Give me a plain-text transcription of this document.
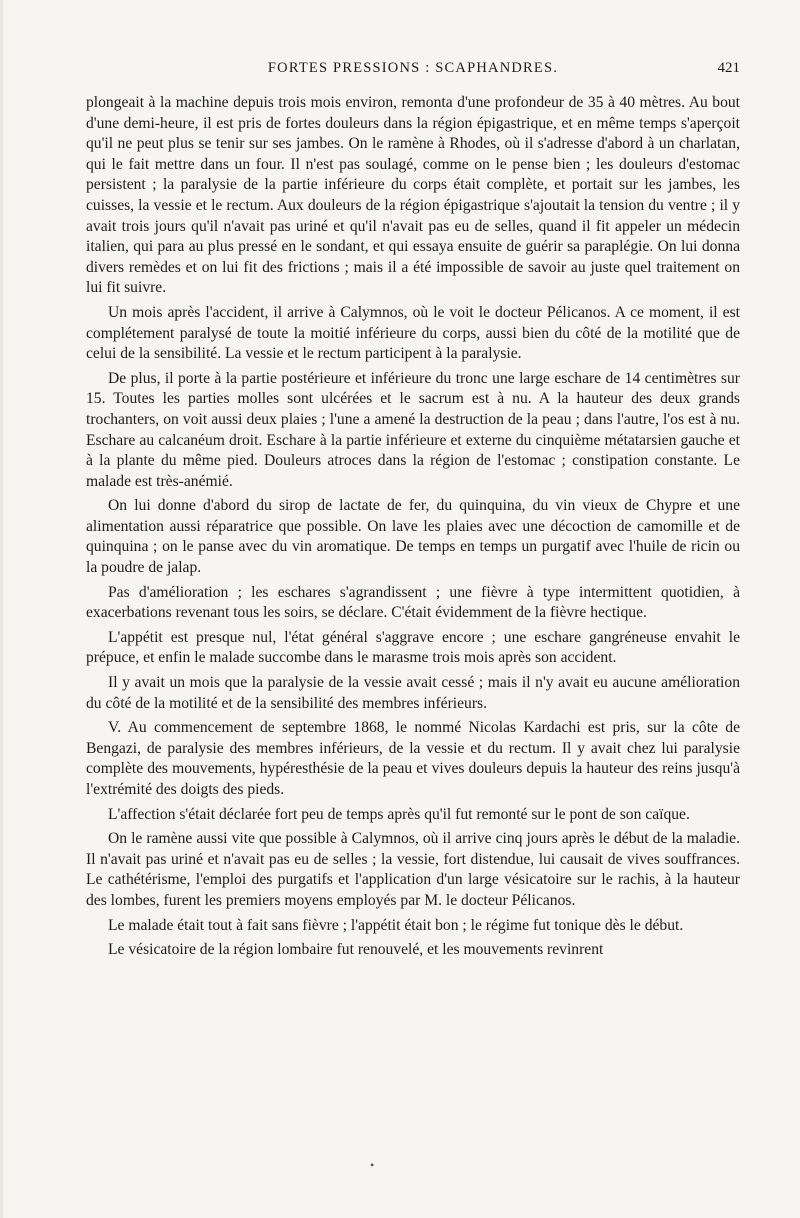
FORTES PRESSIONS : SCAPHANDRES.	421

plongeait à la machine depuis trois mois environ, remonta d'une profondeur de 35 à 40 mètres. Au bout d'une demi-heure, il est pris de fortes douleurs dans la région épigastrique, et en même temps s'aperçoit qu'il ne peut plus se tenir sur ses jambes. On le ramène à Rhodes, où il s'adresse d'abord à un charlatan, qui le fait mettre dans un four. Il n'est pas soulagé, comme on le pense bien ; les douleurs d'estomac persistent ; la paralysie de la partie inférieure du corps était complète, et portait sur les jambes, les cuisses, la vessie et le rectum. Aux douleurs de la région épigastrique s'ajoutait la tension du ventre ; il y avait trois jours qu'il n'avait pas uriné et qu'il n'avait pas eu de selles, quand il fit appeler un médecin italien, qui para au plus pressé en le sondant, et qui essaya ensuite de guérir sa paraplégie. On lui donna divers remèdes et on lui fit des frictions ; mais il a été impossible de savoir au juste quel traitement on lui fit suivre.

Un mois après l'accident, il arrive à Calymnos, où le voit le docteur Pélicanos. A ce moment, il est complétement paralysé de toute la moitié inférieure du corps, aussi bien du côté de la motilité que de celui de la sensibilité. La vessie et le rectum participent à la paralysie.

De plus, il porte à la partie postérieure et inférieure du tronc une large eschare de 14 centimètres sur 15. Toutes les parties molles sont ulcérées et le sacrum est à nu. A la hauteur des deux grands trochanters, on voit aussi deux plaies ; l'une a amené la destruction de la peau ; dans l'autre, l'os est à nu. Eschare au calcanéum droit. Eschare à la partie inférieure et externe du cinquième métatarsien gauche et à la plante du même pied. Douleurs atroces dans la région de l'estomac ; constipation constante. Le malade est très-anémié.

On lui donne d'abord du sirop de lactate de fer, du quinquina, du vin vieux de Chypre et une alimentation aussi réparatrice que possible. On lave les plaies avec une décoction de camomille et de quinquina ; on le panse avec du vin aromatique. De temps en temps un purgatif avec l'huile de ricin ou la poudre de jalap.

Pas d'amélioration ; les eschares s'agrandissent ; une fièvre à type intermittent quotidien, à exacerbations revenant tous les soirs, se déclare. C'était évidemment de la fièvre hectique.

L'appétit est presque nul, l'état général s'aggrave encore ; une eschare gangréneuse envahit le prépuce, et enfin le malade succombe dans le marasme trois mois après son accident.

Il y avait un mois que la paralysie de la vessie avait cessé ; mais il n'y avait eu aucune amélioration du côté de la motilité et de la sensibilité des membres inférieurs.

V. Au commencement de septembre 1868, le nommé Nicolas Kardachi est pris, sur la côte de Bengazi, de paralysie des membres inférieurs, de la vessie et du rectum. Il y avait chez lui paralysie complète des mouvements, hypéresthésie de la peau et vives douleurs depuis la hauteur des reins jusqu'à l'extrémité des doigts des pieds.

L'affection s'était déclarée fort peu de temps après qu'il fut remonté sur le pont de son caïque.

On le ramène aussi vite que possible à Calymnos, où il arrive cinq jours après le début de la maladie. Il n'avait pas uriné et n'avait pas eu de selles ; la vessie, fort distendue, lui causait de vives souffrances. Le cathétérisme, l'emploi des purgatifs et l'application d'un large vésicatoire sur le rachis, à la hauteur des lombes, furent les premiers moyens employés par M. le docteur Pélicanos.

Le malade était tout à fait sans fièvre ; l'appétit était bon ; le régime fut tonique dès le début.

Le vésicatoire de la région lombaire fut renouvelé, et les mouvements revinrent

•
